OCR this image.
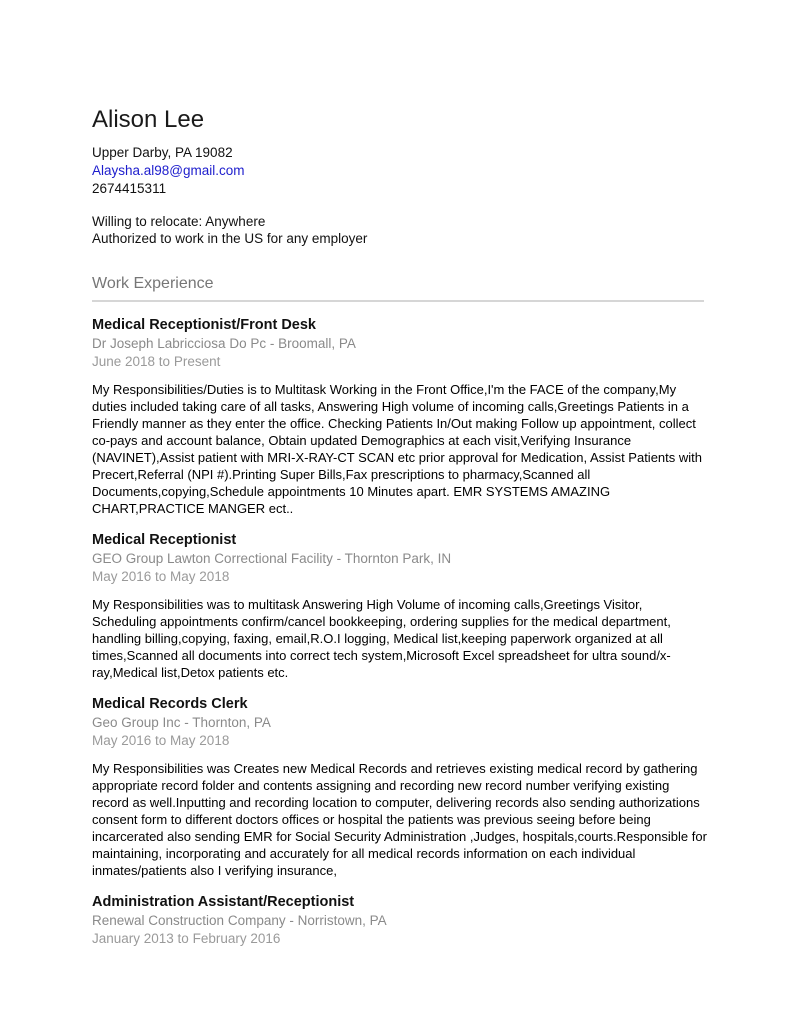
Alison Lee
Upper Darby, PA 19082
Alaysha.al98@gmail.com
2674415311
Willing to relocate: Anywhere
Authorized to work in the US for any employer
Work Experience
Medical Receptionist/Front Desk
Dr Joseph Labricciosa Do Pc - Broomall, PA
June 2018 to Present
My Responsibilities/Duties is to Multitask Working in the Front Office,I'm the FACE of the company,My duties included taking care of all tasks, Answering High volume of incoming calls,Greetings Patients in a Friendly manner as they enter the office. Checking Patients In/Out making Follow up appointment, collect co-pays and account balance, Obtain updated Demographics at each visit,Verifying Insurance (NAVINET),Assist patient with MRI-X-RAY-CT SCAN etc prior approval for Medication, Assist Patients with Precert,Referral (NPI #).Printing Super Bills,Fax prescriptions to pharmacy,Scanned all Documents,copying,Schedule appointments 10 Minutes apart. EMR SYSTEMS AMAZING CHART,PRACTICE MANGER ect..
Medical Receptionist
GEO Group Lawton Correctional Facility - Thornton Park, IN
May 2016 to May 2018
My Responsibilities was to multitask Answering High Volume of incoming calls,Greetings Visitor, Scheduling appointments confirm/cancel bookkeeping, ordering supplies for the medical department, handling billing,copying, faxing, email,R.O.I logging, Medical list,keeping paperwork organized at all times,Scanned all documents into correct tech system,Microsoft Excel spreadsheet for ultra sound/x-ray,Medical list,Detox patients etc.
Medical Records Clerk
Geo Group Inc - Thornton, PA
May 2016 to May 2018
My Responsibilities was Creates new Medical Records and retrieves existing medical record by gathering appropriate record folder and contents assigning and recording new record number verifying existing record as well.Inputting and recording location to computer, delivering records also sending authorizations consent form to different doctors offices or hospital the patients was previous seeing before being incarcerated also sending EMR for Social Security Administration ,Judges, hospitals,courts.Responsible for maintaining, incorporating and accurately for all medical records information on each individual inmates/patients also I verifying insurance,
Administration Assistant/Receptionist
Renewal Construction Company - Norristown, PA
January 2013 to February 2016
